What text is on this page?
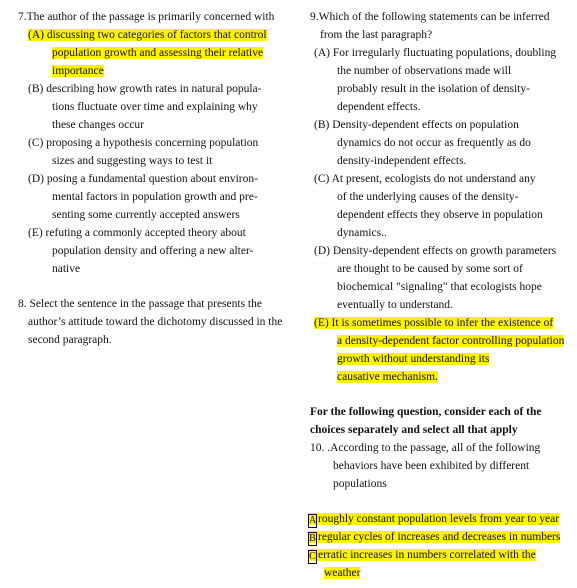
7.The author of the passage is primarily concerned with
(A) discussing two categories of factors that control
population growth and assessing their relative
importance
(B) describing how growth rates in natural popula-
tions fluctuate over time and explaining why
these changes occur
(C) proposing a hypothesis concerning population
sizes and suggesting ways to test it
(D) posing a fundamental question about environ-
mental factors in population growth and pre-
senting some currently accepted answers
(E) refuting a commonly accepted theory about
population density and offering a new alter-
native
8. Select the sentence in the passage that presents the
author’s attitude toward the dichotomy discussed in the
second paragraph.
9.Which of the following statements can be inferred
from the last paragraph?
(A) For irregularly fluctuating populations, doubling
the number of observations made will
probably result in the isolation of density-
dependent effects.
(B) Density-dependent effects on population
dynamics do not occur as frequently as do
density-independent effects.
(C) At present, ecologists do not understand any
of the underlying causes of the density-
dependent effects they observe in population
dynamics..
(D) Density-dependent effects on growth parameters
are thought to be caused by some sort of
biochemical "signaling" that ecologists hope
eventually to understand.
(E) It is sometimes possible to infer the existence of
a density-dependent factor controlling population
growth without understanding its
causative mechanism.
For the following question, consider each of the
choices separately and select all that apply
10. .According to the passage, all of the following
behaviors have been exhibited by different
populations
A roughly constant population levels from year to year
B regular cycles of increases and decreases in numbers
C erratic increases in numbers correlated with the
weather
